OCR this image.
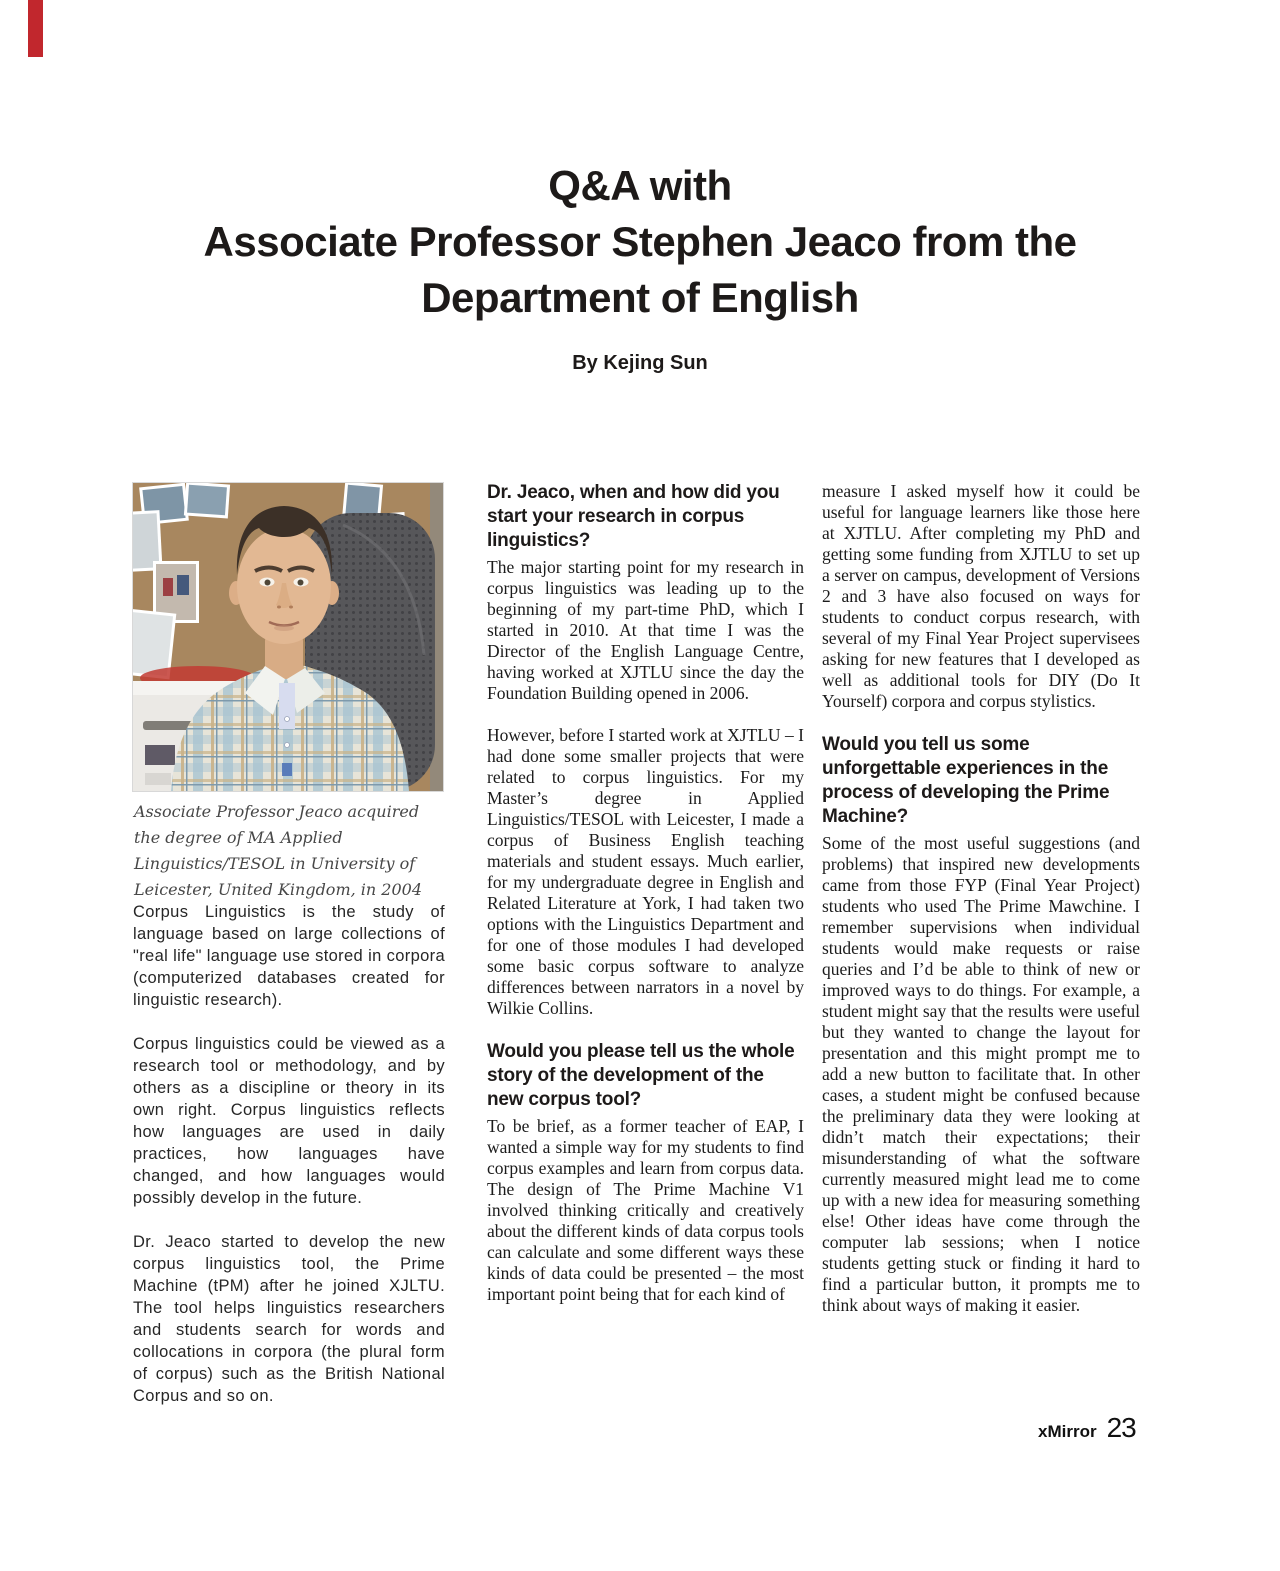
Q&A with
Associate Professor Stephen Jeaco from the
Department of English
By Kejing Sun
Associate Professor Jeaco acquired the degree of MA Applied Linguistics/TESOL in University of Leicester, United Kingdom, in 2004

Corpus Linguistics is the study of language based on large collections of "real life" language use stored in corpora (computerized databases created for linguistic research).

Corpus linguistics could be viewed as a research tool or methodology, and by others as a discipline or theory in its own right. Corpus linguistics reflects how languages are used in daily practices, how languages have changed, and how languages would possibly develop in the future.

Dr. Jeaco started to develop the new corpus linguistics tool, the Prime Machine (tPM) after he joined XJLTU. The tool helps linguistics researchers and students search for words and collocations in corpora (the plural form of corpus) such as the British National Corpus and so on.

Dr. Jeaco, when and how did you start your research in corpus linguistics?

The major starting point for my research in corpus linguistics was leading up to the beginning of my part-time PhD, which I started in 2010. At that time I was the Director of the English Language Centre, having worked at XJTLU since the day the Foundation Building opened in 2006.

However, before I started work at XJTLU – I had done some smaller projects that were related to corpus linguistics. For my Master’s degree in Applied Linguistics/TESOL with Leicester, I made a corpus of Business English teaching materials and student essays. Much earlier, for my undergraduate degree in English and Related Literature at York, I had taken two options with the Linguistics Department and for one of those modules I had developed some basic corpus software to analyze differences between narrators in a novel by Wilkie Collins.

Would you please tell us the whole story of the development of the new corpus tool?

To be brief, as a former teacher of EAP, I wanted a simple way for my students to find corpus examples and learn from corpus data. The design of The Prime Machine V1 involved thinking critically and creatively about the different kinds of data corpus tools can calculate and some different ways these kinds of data could be presented – the most important point being that for each kind of

measure I asked myself how it could be useful for language learners like those here at XJTLU. After completing my PhD and getting some funding from XJTLU to set up a server on campus, development of Versions 2 and 3 have also focused on ways for students to conduct corpus research, with several of my Final Year Project supervisees asking for new features that I developed as well as additional tools for DIY (Do It Yourself) corpora and corpus stylistics.

Would you tell us some unforgettable experiences in the process of developing the Prime Machine?

Some of the most useful suggestions (and problems) that inspired new developments came from those FYP (Final Year Project) students who used The Prime Mawchine. I remember supervisions when individual students would make requests or raise queries and I’d be able to think of new or improved ways to do things. For example, a student might say that the results were useful but they wanted to change the layout for presentation and this might prompt me to add a new button to facilitate that. In other cases, a student might be confused because the preliminary data they were looking at didn’t match their expectations; their misunderstanding of what the software currently measured might lead me to come up with a new idea for measuring something else! Other ideas have come through the computer lab sessions; when I notice students getting stuck or finding it hard to find a particular button, it prompts me to think about ways of making it easier.

xMirror 23
